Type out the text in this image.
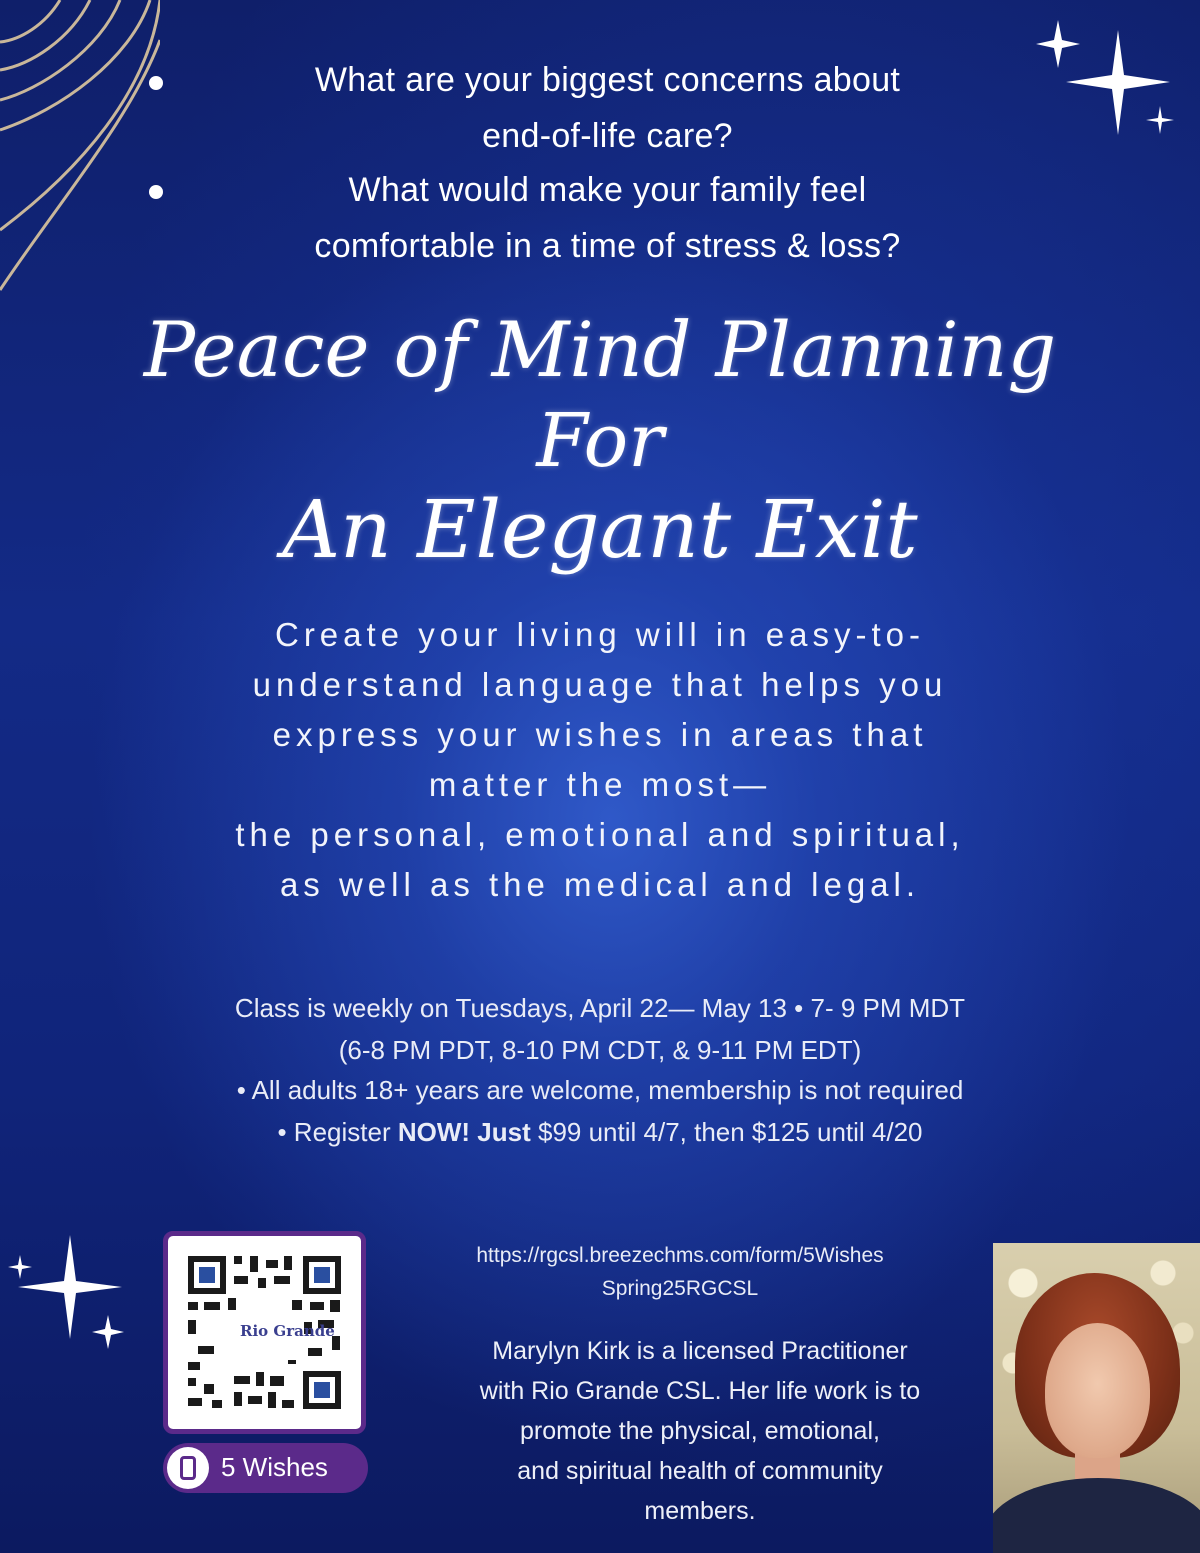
What are your biggest concerns about
end-of-life care?
What would make your family feel
comfortable in a time of stress & loss?
Peace of Mind Planning
For
An Elegant Exit
Create your living will in easy-to-
understand language that helps you
express your wishes in areas that
matter the most—
the personal, emotional and spiritual,
as well as the medical and legal.
Class is weekly on Tuesdays, April 22— May 13 • 7- 9 PM MDT
(6-8 PM PDT, 8-10 PM CDT, & 9-11 PM EDT)
• All adults 18+ years are welcome, membership is not required
• Register NOW! Just $99 until 4/7, then $125 until 4/20
Rio Grande
5 Wishes
https://rgcsl.breezechms.com/form/5Wishes
Spring25RGCSL
Marylyn Kirk is a licensed Practitioner
with Rio Grande CSL. Her life work is to
promote the physical, emotional,
and spiritual health of community
members.
